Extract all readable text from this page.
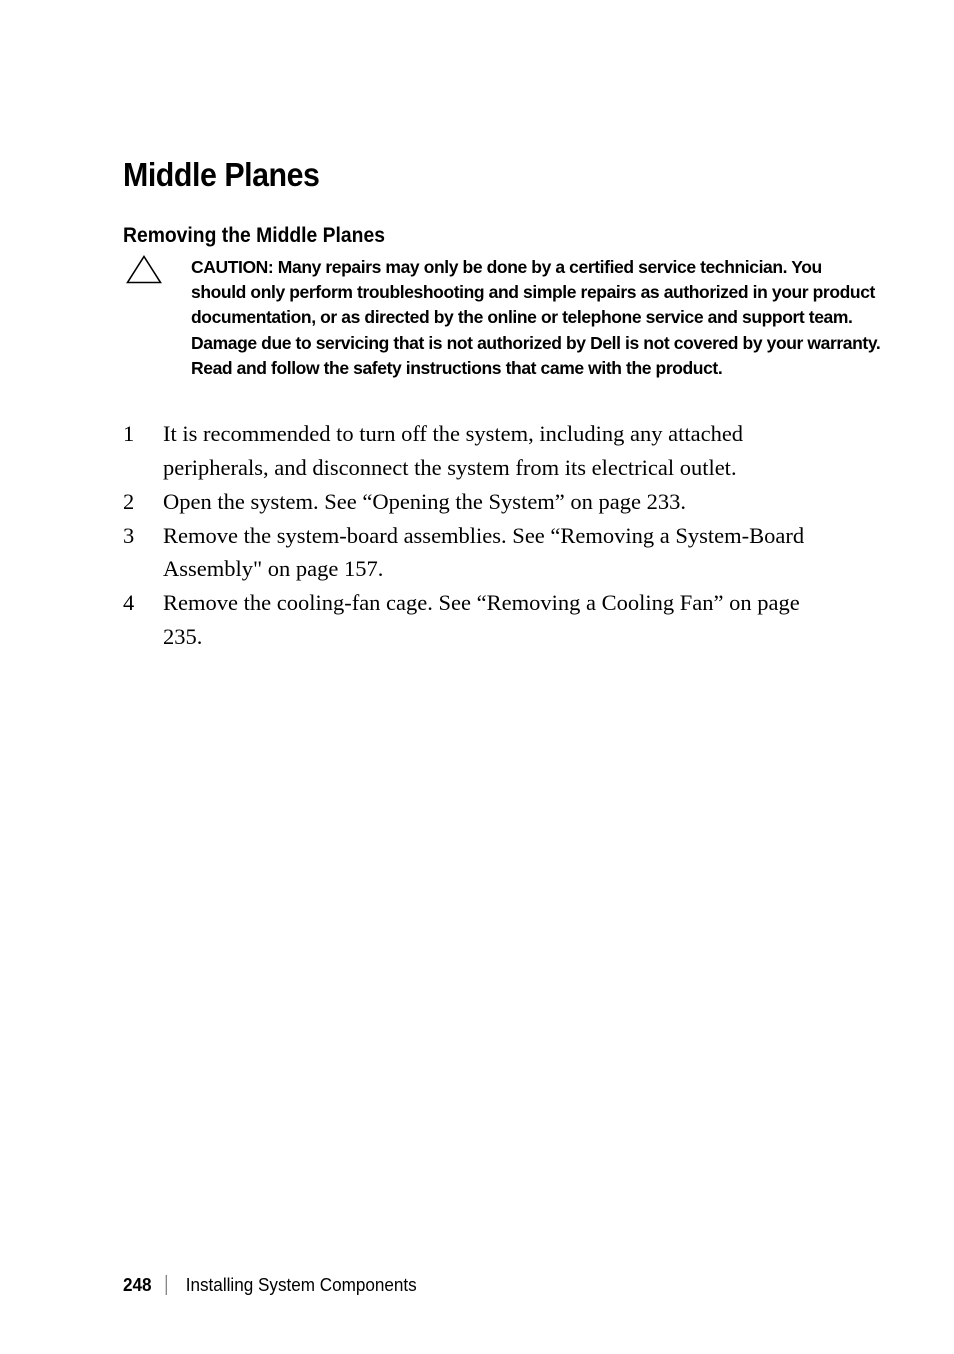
Middle Planes
Removing the Middle Planes

CAUTION: Many repairs may only be done by a certified service technician. You should only perform troubleshooting and simple repairs as authorized in your product documentation, or as directed by the online or telephone service and support team. Damage due to servicing that is not authorized by Dell is not covered by your warranty. Read and follow the safety instructions that came with the product.

1 It is recommended to turn off the system, including any attached peripherals, and disconnect the system from its electrical outlet.
2 Open the system. See “Opening the System” on page 233.
3 Remove the system-board assemblies. See “Removing a System-Board Assembly" on page 157.
4 Remove the cooling-fan cage. See “Removing a Cooling Fan” on page 235.
248 Installing System Components
